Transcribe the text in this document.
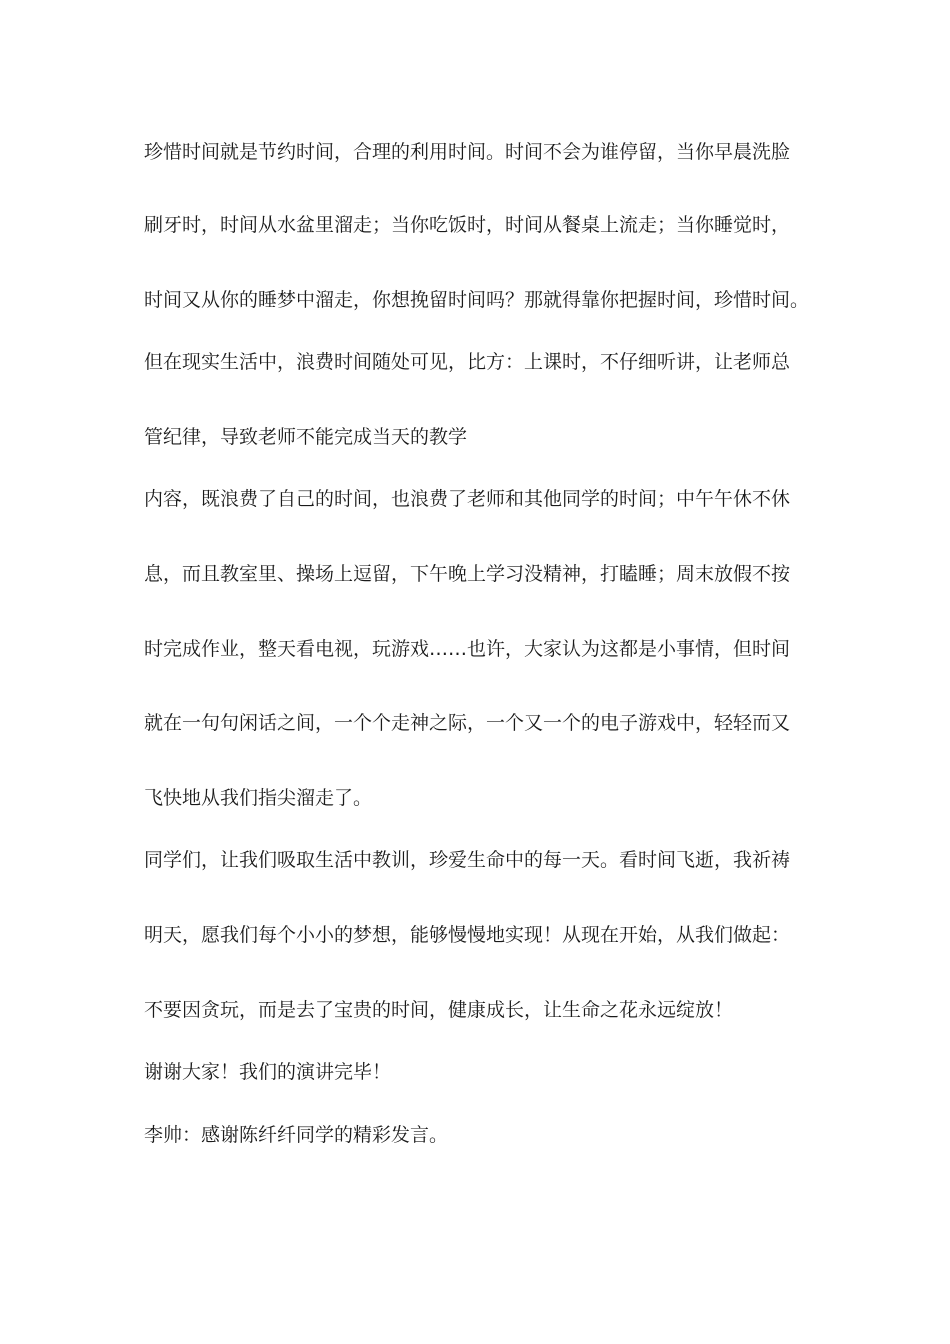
珍惜时间就是节约时间，合理的利用时间。时间不会为谁停留，当你早晨洗脸

刷牙时，时间从水盆里溜走；当你吃饭时，时间从餐桌上流走；当你睡觉时，

时间又从你的睡梦中溜走，你想挽留时间吗？那就得靠你把握时间，珍惜时间。

但在现实生活中，浪费时间随处可见，比方：上课时，不仔细听讲，让老师总

管纪律，导致老师不能完成当天的教学

内容，既浪费了自己的时间，也浪费了老师和其他同学的时间；中午午休不休

息，而且教室里、操场上逗留，下午晚上学习没精神，打瞌睡；周末放假不按

时完成作业，整天看电视，玩游戏……也许，大家认为这都是小事情，但时间

就在一句句闲话之间，一个个走神之际，一个又一个的电子游戏中，轻轻而又

飞快地从我们指尖溜走了。

同学们，让我们吸取生活中教训，珍爱生命中的每一天。看时间飞逝，我祈祷

明天，愿我们每个小小的梦想，能够慢慢地实现！从现在开始，从我们做起：

不要因贪玩，而是去了宝贵的时间，健康成长，让生命之花永远绽放！

谢谢大家！我们的演讲完毕！

李帅：感谢陈纤纤同学的精彩发言。
